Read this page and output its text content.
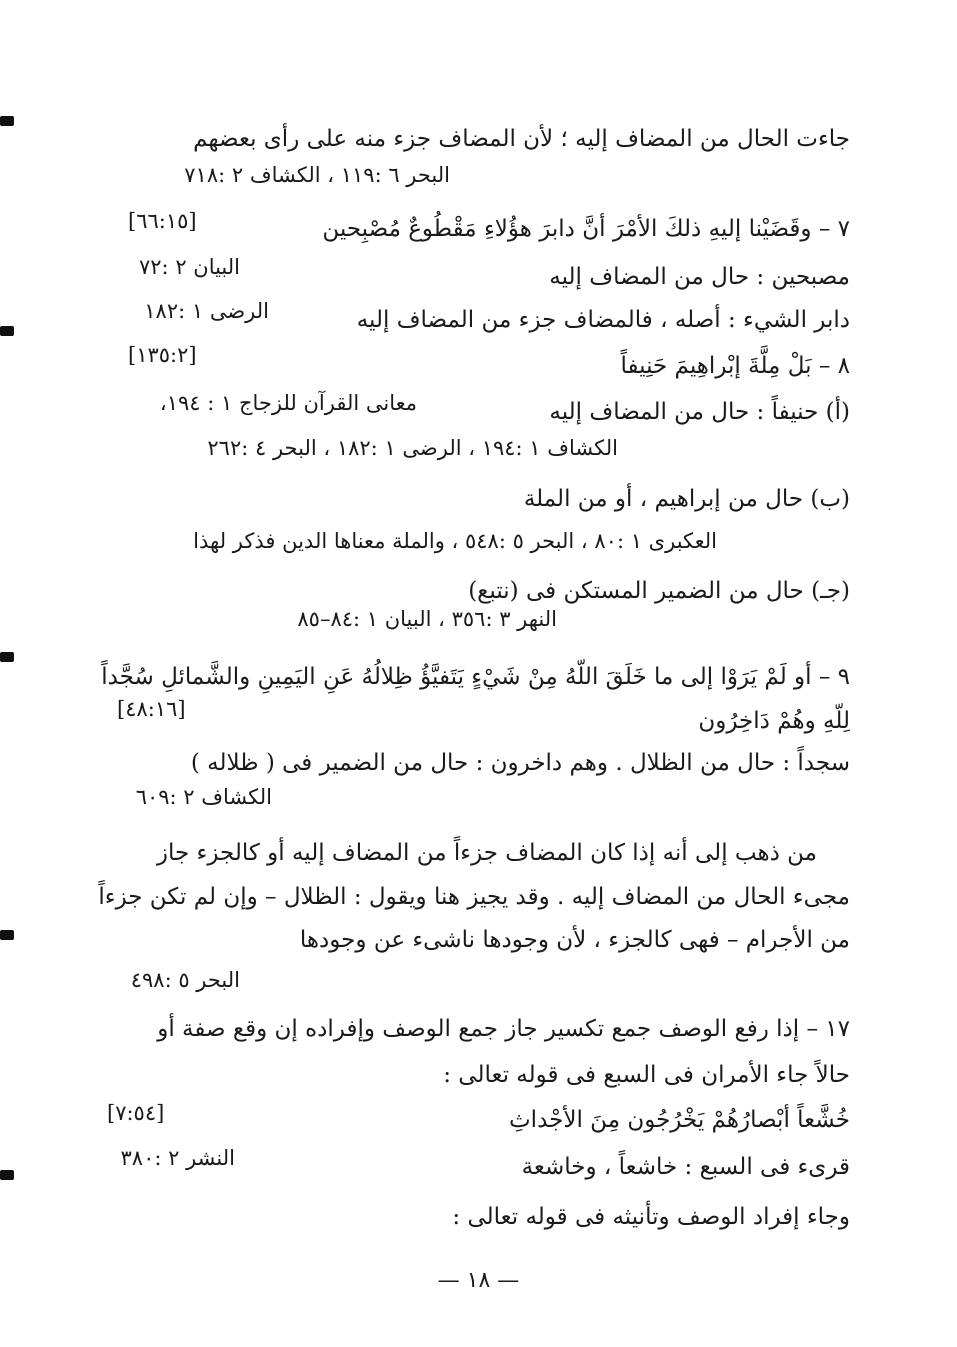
جاءت الحال من المضاف إليه ؛ لأن المضاف جزء منه على رأى بعضهم
البحر ٦ :١١٩ ، الكشاف ٢ :٧١٨
٧ – وقَضَيْنا إليهِ ذلكَ الأمْرَ أنَّ دابرَ هؤُلاءِ مَقْطُوعٌ مُصْبِحين
[٦٦:١٥]
مصبحين : حال من المضاف إليه
البيان ٢ :٧٢
دابر الشيء : أصله ، فالمضاف جزء من المضاف إليه
الرضى ١ :١٨٢
٨ – بَلْ مِلَّةَ إبْراهِيمَ حَنِيفاً
[١٣٥:٢]
(أ) حنيفاً : حال من المضاف إليه
معانى القرآن للزجاج ١ : ١٩٤،
الكشاف ١ :١٩٤ ، الرضى ١ :١٨٢ ، البحر ٤ :٢٦٢
(ب) حال من إبراهيم ، أو من الملة
العكبرى ١ :٨٠ ، البحر ٥ :٥٤٨ ، والملة معناها الدين فذكر لهذا
(جـ) حال من الضمير المستكن فى (نتبع)
النهر ٣ :٣٥٦ ، البيان ١ :٨٤–٨٥
٩ – أو لَمْ يَرَوْا إلى ما خَلَقَ اللّهُ مِنْ شَيْءٍ يَتَفيَّؤُ ظِلالُهُ عَنِ اليَمِينِ والشَّمائلِ سُجَّداً
[٤٨:١٦]	لِلّهِ وهُمْ دَاخِرُون
سجداً : حال من الظلال . وهم داخرون : حال من الضمير فى ( ظلاله )
الكشاف ٢ :٦٠٩
من ذهب إلى أنه إذا كان المضاف جزءاً من المضاف إليه أو كالجزء جاز
مجىء الحال من المضاف إليه . وقد يجيز هنا ويقول : الظلال – وإن لم تكن جزءاً
من الأجرام – فهى كالجزء ، لأن وجودها ناشىء عن وجودها
البحر ٥ :٤٩٨
١٧ – إذا رفع الوصف جمع تكسير جاز جمع الوصف وإفراده إن وقع صفة أو
حالاً جاء الأمران فى السبع فى قوله تعالى :
خُشَّعاً أبْصارُهُمْ يَخْرُجُون مِنَ الأجْداثِ
[٧:٥٤]
قرىء فى السبع : خاشعاً ، وخاشعة
النشر ٢ :٣٨٠
وجاء إفراد الوصف وتأنيثه فى قوله تعالى :
— ١٨ —
